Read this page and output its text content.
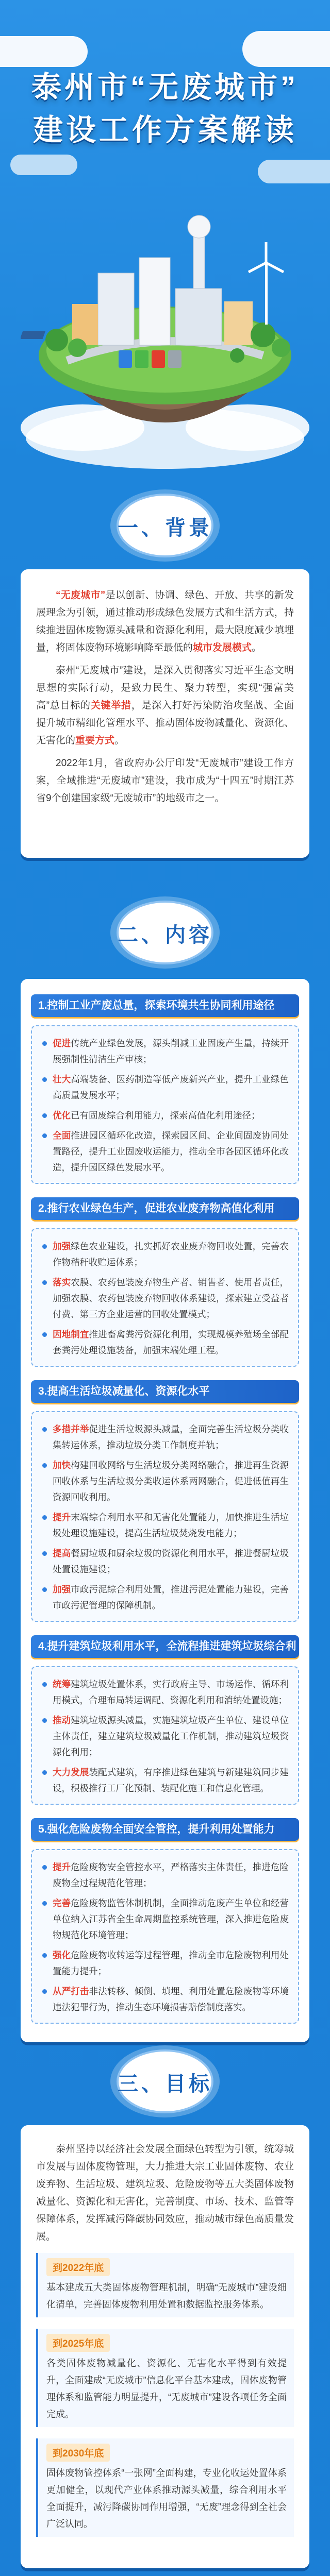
泰州市“无废城市”
建设工作方案解读
一、背景

“无废城市”是以创新、协调、绿色、开放、共享的新发展理念为引领，通过推动形成绿色发展方式和生活方式，持续推进固体废物源头减量和资源化利用，最大限度减少填埋量，将固体废物环境影响降至最低的城市发展模式。

泰州“无废城市”建设，是深入贯彻落实习近平生态文明思想的实际行动，是致力民生、聚力转型，实现“强富美高”总目标的关键举措，是深入打好污染防治攻坚战、全面提升城市精细化管理水平、推动固体废物减量化、资源化、无害化的重要方式。

2022年1月，省政府办公厅印发“无废城市”建设工作方案，全域推进“无废城市”建设，我市成为“十四五”时期江苏省9个创建国家级“无废城市”的地级市之一。

二、内容
1.控制工业产废总量，探索环境共生协同利用途径
促进传统产业绿色发展，源头削减工业固废产生量，持续开展强制性清洁生产审核；
壮大高端装备、医药制造等低产废新兴产业，提升工业绿色高质量发展水平；
优化已有固废综合利用能力，探索高值化利用途径；
全面推进园区循环化改造，探索园区间、企业间固废协同处置路径，提升工业固废收运能力，推动全市各园区循环化改造，提升园区绿色发展水平。
2.推行农业绿色生产，促进农业废弃物高值化利用
加强绿色农业建设，扎实抓好农业废弃物回收处置，完善农作物秸秆收贮运体系；
落实农膜、农药包装废弃物生产者、销售者、使用者责任，加强农膜、农药包装废弃物回收体系建设，探索建立受益者付费、第三方企业运营的回收处置模式；
因地制宜推进畜禽粪污资源化利用，实现规模养殖场全部配套粪污处理设施装备，加强末端处理工程。
3.提高生活垃圾减量化、资源化水平
多措并举促进生活垃圾源头减量，全面完善生活垃圾分类收集转运体系，推动垃圾分类工作制度并轨；
加快构建回收网络与生活垃圾分类网络融合，推进再生资源回收体系与生活垃圾分类收运体系两网融合，促进低值再生资源回收利用。
提升末端综合利用水平和无害化处置能力，加快推进生活垃圾处理设施建设，提高生活垃圾焚烧发电能力；
提高餐厨垃圾和厨余垃圾的资源化利用水平，推进餐厨垃圾处置设施建设；
加强市政污泥综合利用处置，推进污泥处置能力建设，完善市政污泥管理的保障机制。
4.提升建筑垃圾利用水平，全流程推进建筑垃圾综合利
统筹建筑垃圾处置体系，实行政府主导、市场运作、循环利用模式，合理布局转运调配、资源化利用和消纳处置设施；
推动建筑垃圾源头减量，实施建筑垃圾产生单位、建设单位主体责任，建立建筑垃圾减量化工作机制，推动建筑垃圾资源化利用；
大力发展装配式建筑，有序推进绿色建筑与新建建筑同步建设，积极推行工厂化预制、装配化施工和信息化管理。
5.强化危险废物全面安全管控，提升利用处置能力
提升危险废物安全管控水平，严格落实主体责任，推进危险废物全过程规范化管理；
完善危险废物监管体制机制，全面推动危废产生单位和经营单位纳入江苏省全生命周期监控系统管理，深入推进危险废物规范化环境管理；
强化危险废物收转运等过程管理，推动全市危险废物利用处置能力提升；
从严打击非法转移、倾倒、填埋、利用处置危险废物等环境违法犯罪行为，推动生态环境损害赔偿制度落实。
三、目标

泰州坚持以经济社会发展全面绿色转型为引领，统筹城市发展与固体废物管理，大力推进大宗工业固体废物、农业废弃物、生活垃圾、建筑垃圾、危险废物等五大类固体废物减量化、资源化和无害化，完善制度、市场、技术、监管等保障体系，发挥减污降碳协同效应，推动城市绿色高质量发展。

到2022年底

基本建成五大类固体废物管理机制，明确“无废城市”建设细化清单，完善固体废物利用处置和数据监控服务体系。

到2025年底

各类固体废物减量化、资源化、无害化水平得到有效提升，全面建成“无废城市”信息化平台基本建成，固体废物管理体系和监管能力明显提升，“无废城市”建设各项任务全面完成。

到2030年底

固体废物管控体系“一张网”全面构建，专业化收运处置体系更加健全，以现代产业体系推动源头减量，综合利用水平全面提升，减污降碳协同作用增强，“无废”理念得到全社会广泛认同。
